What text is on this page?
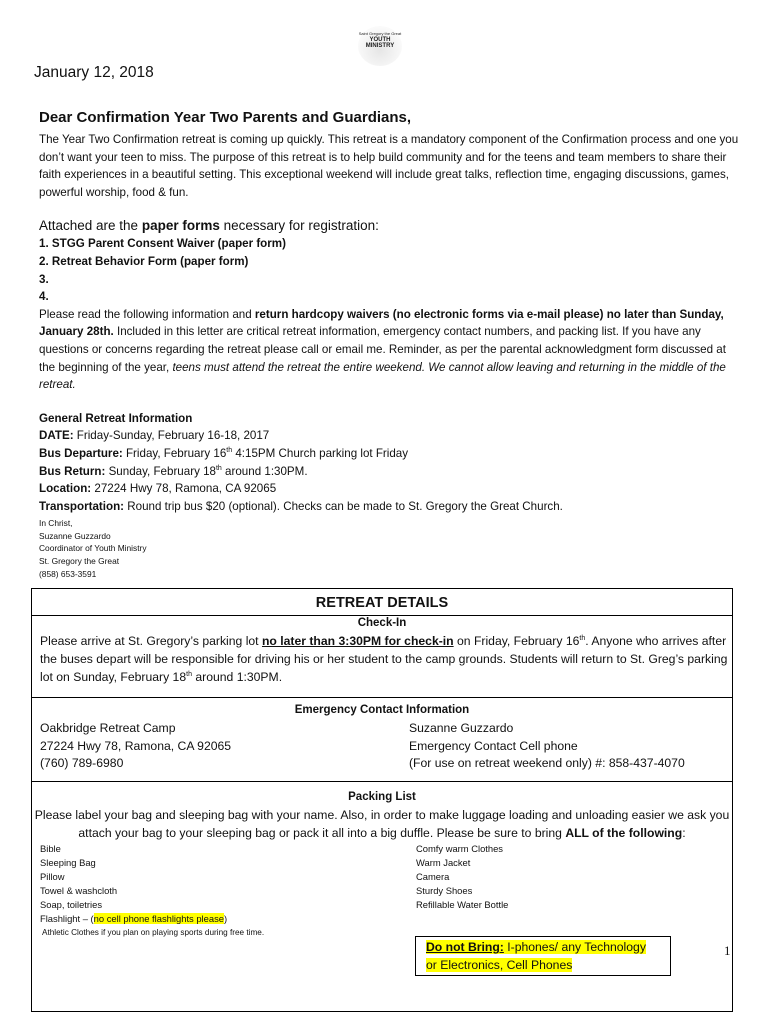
Saint Gregory the Great
YOUTH
MINISTRY
January 12, 2018

Dear Confirmation Year Two Parents and Guardians,

The Year Two Confirmation retreat is coming up quickly. This retreat is a mandatory component of the Confirmation process and one you don’t want your teen to miss. The purpose of this retreat is to help build community and for the teens and team members to share their faith experiences in a beautiful setting. This exceptional weekend will include great talks, reflection time, engaging discussions, games, powerful worship, food & fun.

Attached are the paper forms necessary for registration:

1. STGG Parent Consent Waiver (paper form)

2. Retreat Behavior Form (paper form)

3.

4.

Please read the following information and return hardcopy waivers (no electronic forms via e-mail please) no later than Sunday, January 28th. Included in this letter are critical retreat information, emergency contact numbers, and packing list. If you have any questions or concerns regarding the retreat please call or email me. Reminder, as per the parental acknowledgment form discussed at the beginning of the year, teens must attend the retreat the entire weekend. We cannot allow leaving and returning in the middle of the retreat.

General Retreat Information

DATE: Friday-Sunday, February 16-18, 2017

Bus Departure: Friday, February 16th 4:15PM Church parking lot Friday

Bus Return: Sunday, February 18th around 1:30PM.

Location: 27224 Hwy 78, Ramona, CA 92065

Transportation: Round trip bus $20 (optional). Checks can be made to St. Gregory the Great Church.

In Christ,
Suzanne Guzzardo
Coordinator of Youth Ministry
St. Gregory the Great
(858) 653-3591
RETREAT DETAILS
Check-In
Please arrive at St. Gregory’s parking lot no later than 3:30PM for check-in on Friday, February 16th. Anyone who arrives after the buses depart will be responsible for driving his or her student to the camp grounds. Students will return to St. Greg’s parking lot on Sunday, February 18th around 1:30PM.
Emergency Contact Information
Oakbridge Retreat Camp
27224 Hwy 78, Ramona, CA 92065
(760) 789-6980
Suzanne Guzzardo
Emergency Contact Cell phone
(For use on retreat weekend only) #: 858-437-4070
Packing List
Please label your bag and sleeping bag with your name. Also, in order to make luggage loading and unloading easier we ask you attach your bag to your sleeping bag or pack it all into a big duffle. Please be sure to bring ALL of the following:
Bible
Sleeping Bag
Pillow
Towel & washcloth
Soap, toiletries
Flashlight – (no cell phone flashlights please)
Comfy warm Clothes
Warm Jacket
Camera
Sturdy Shoes
Refillable Water Bottle
Athletic Clothes if you plan on playing sports during free time.
Do not Bring: I-phones/ any Technology
or Electronics, Cell Phones
1
